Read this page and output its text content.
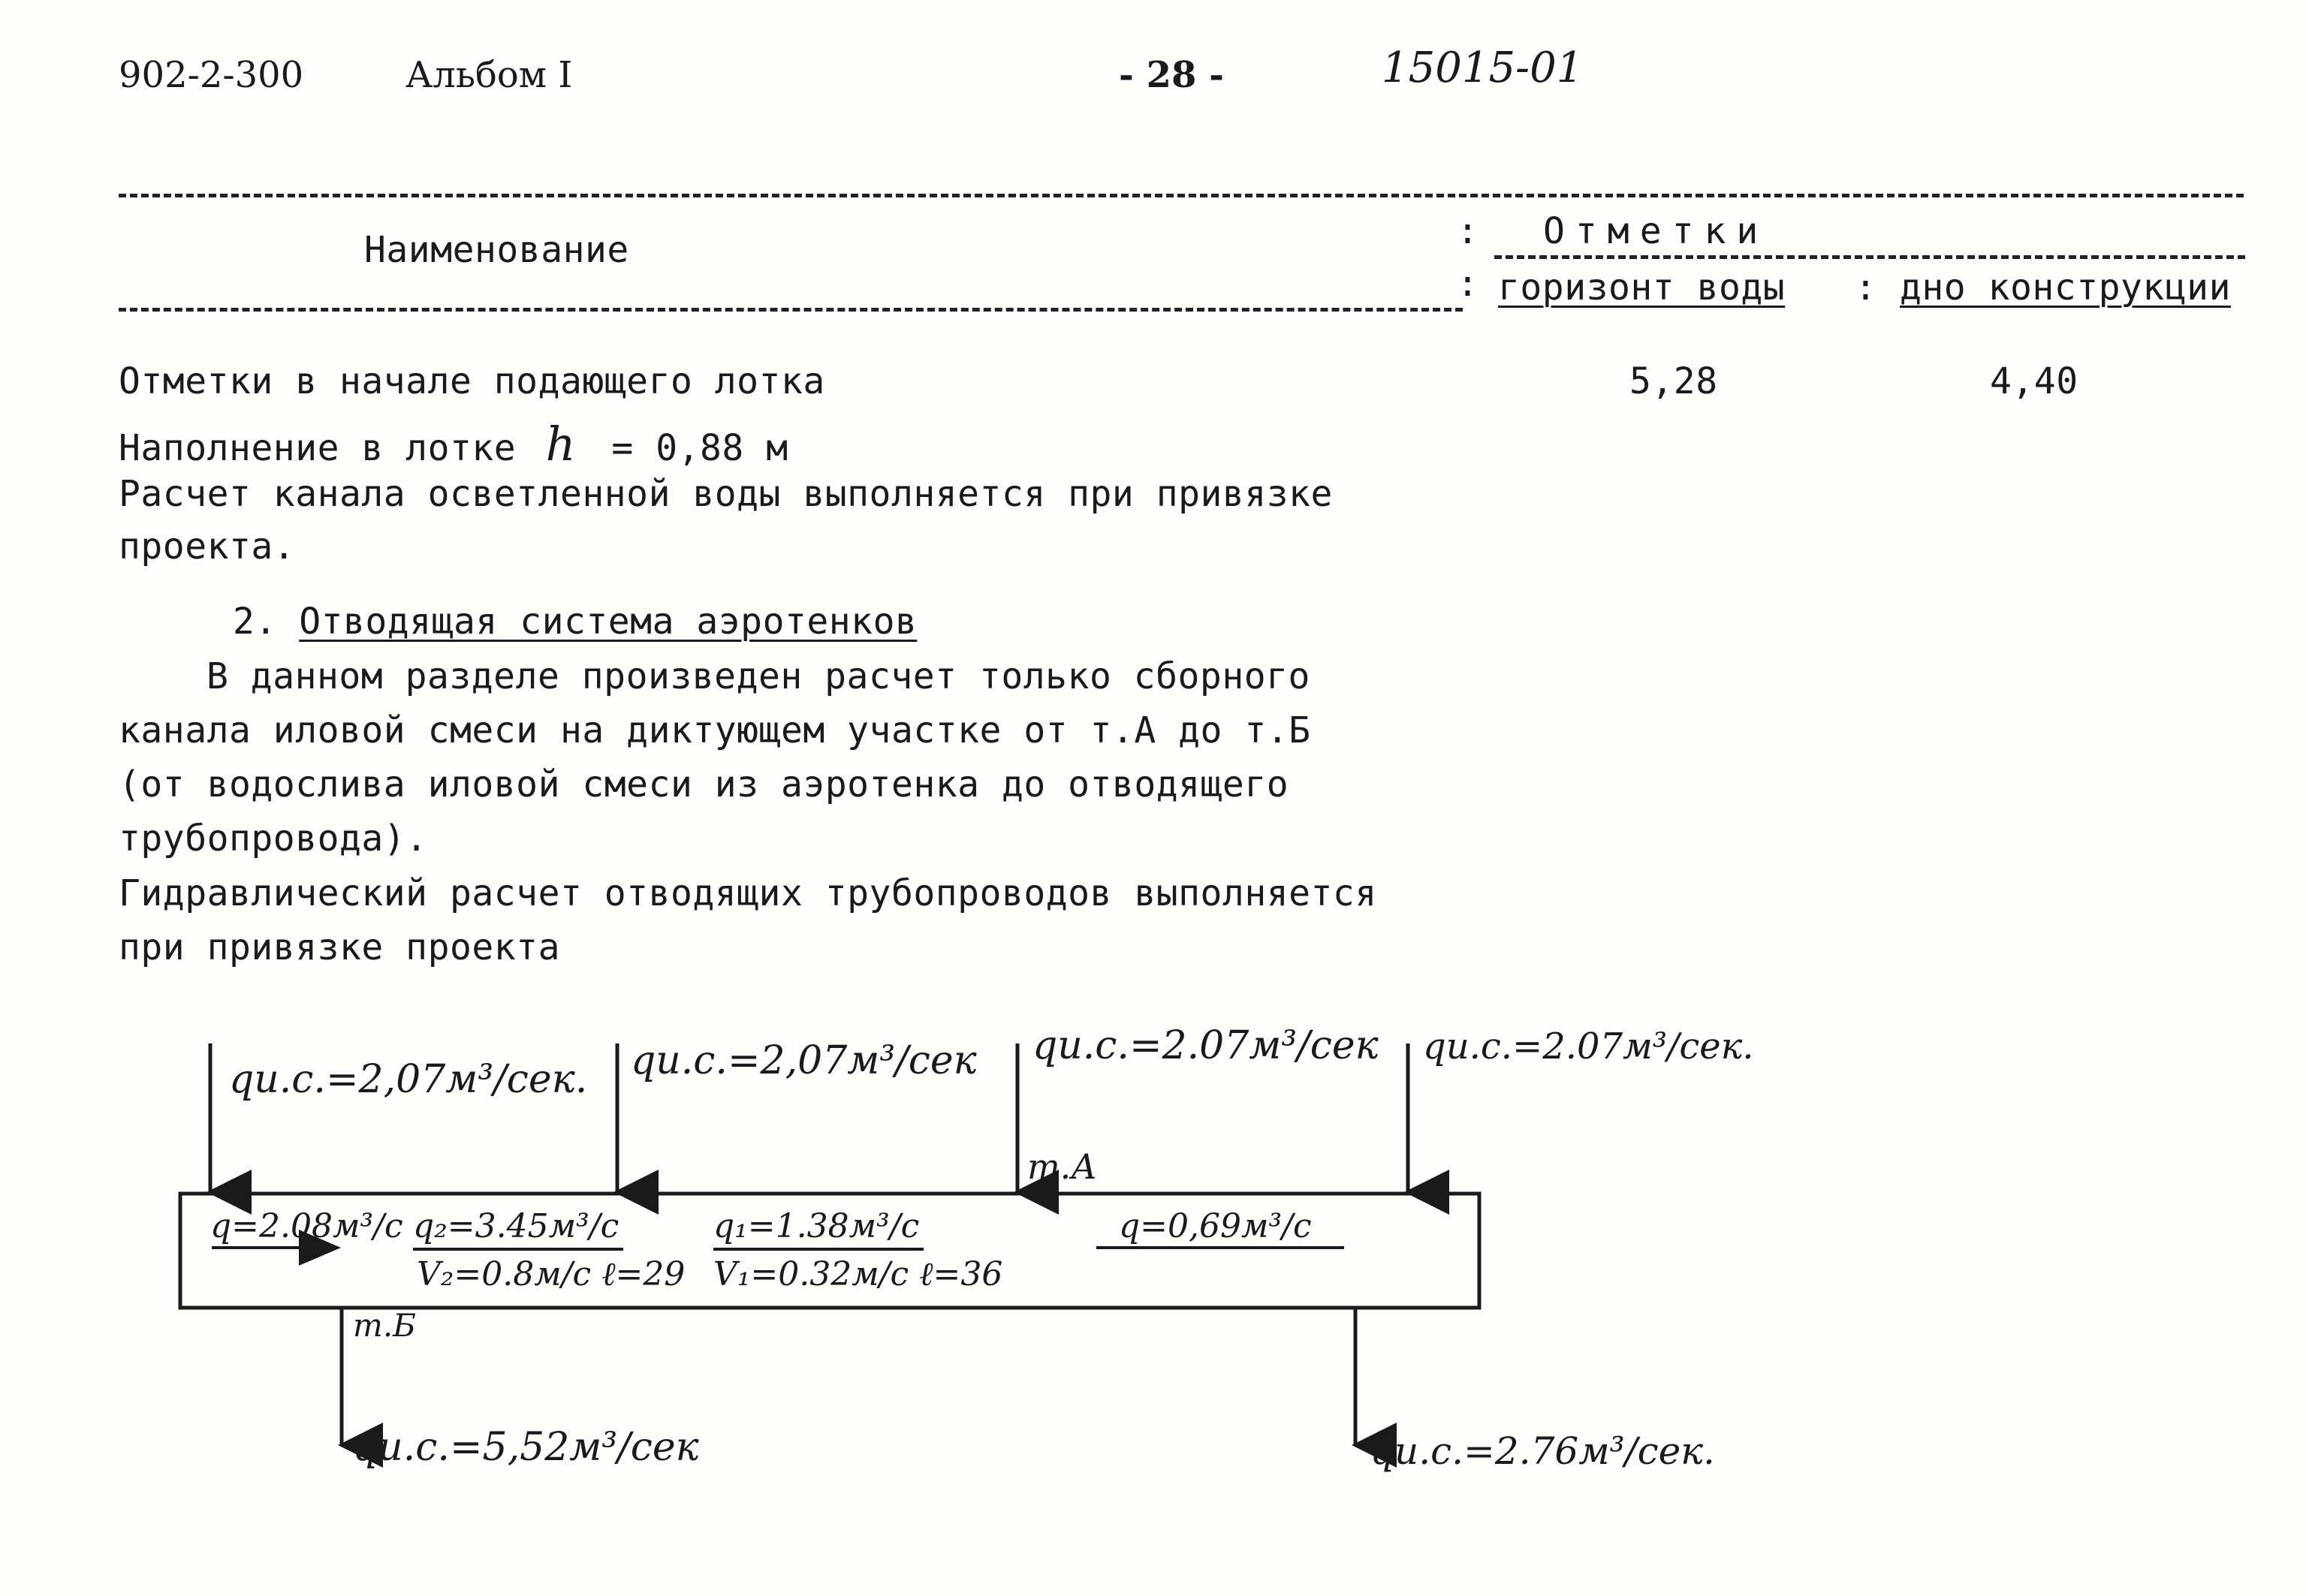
902-2-300	Альбом I	- 28 -	15015-01
Наименование	: Отметки
: горизонт воды : дно конструкции
Отметки в начале подающего лотка	5,28	4,40
Наполнение в лотке h = 0,88 м
Расчет канала осветленной воды выполняется при привязке
проекта.
2. Отводящая система аэротенков
В данном разделе произведен расчет только сборного
канала иловой смеси на диктующем участке от т.А до т.Б
(от водослива иловой смеси из аэротенка до отводящего
трубопровода).
Гидравлический расчет отводящих трубопроводов выполняется
при привязке проекта
qи.с.=2,07м³/сек. qи.с.=2,07м³/сек qи.с.=2.07м³/сек qи.с.=2.07м³/сек.
т.А
т.Б
q=2.08м³/с q₂=3.45м³/с
V₂=0.8м/с ℓ=29
q₁=1.38м³/с
V₁=0.32м/с ℓ=36
q=0,69м³/с
qи.с.=5,52м³/сек	qи.с.=2.76м³/сек.
